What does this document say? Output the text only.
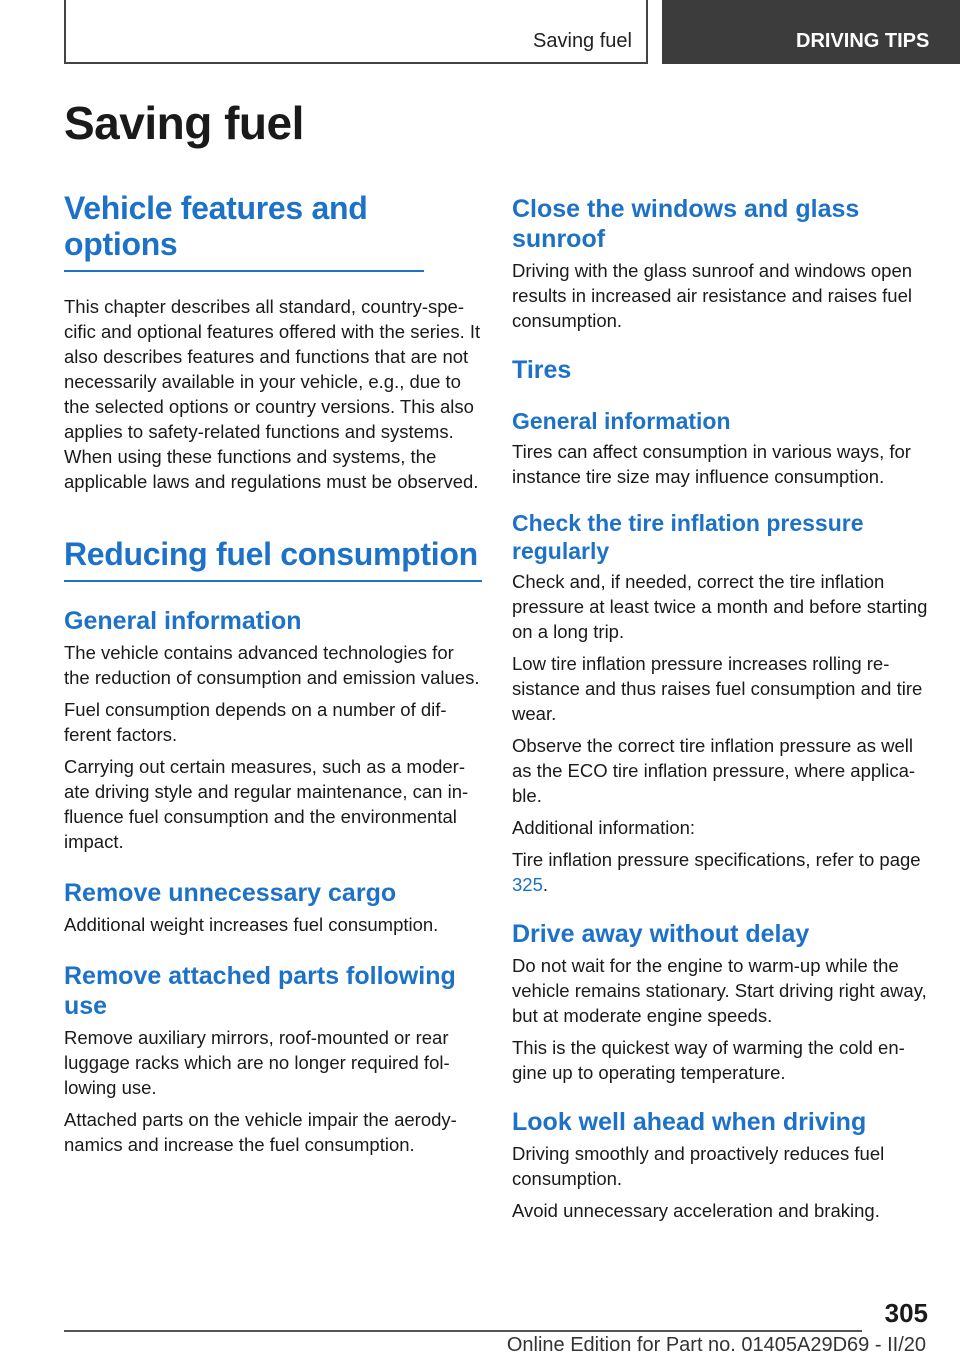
Saving fuel	DRIVING TIPS
Saving fuel
Vehicle features and options

This chapter describes all standard, country-specific and optional features offered with the series. It also describes features and functions that are not necessarily available in your vehicle, e.g., due to the selected options or country versions. This also applies to safety-related functions and systems. When using these functions and systems, the applicable laws and regulations must be observed.

Reducing fuel consumption
General information

The vehicle contains advanced technologies for the reduction of consumption and emission values.

Fuel consumption depends on a number of different factors.

Carrying out certain measures, such as a moderate driving style and regular maintenance, can influence fuel consumption and the environmental impact.

Remove unnecessary cargo

Additional weight increases fuel consumption.

Remove attached parts following use

Remove auxiliary mirrors, roof-mounted or rear luggage racks which are no longer required following use.

Attached parts on the vehicle impair the aerodynamics and increase the fuel consumption.

Close the windows and glass sunroof

Driving with the glass sunroof and windows open results in increased air resistance and raises fuel consumption.

Tires
General information

Tires can affect consumption in various ways, for instance tire size may influence consumption.

Check the tire inflation pressure regularly

Check and, if needed, correct the tire inflation pressure at least twice a month and before starting on a long trip.

Low tire inflation pressure increases rolling resistance and thus raises fuel consumption and tire wear.

Observe the correct tire inflation pressure as well as the ECO tire inflation pressure, where applicable.

Additional information:

Tire inflation pressure specifications, refer to page 325.

Drive away without delay

Do not wait for the engine to warm-up while the vehicle remains stationary. Start driving right away, but at moderate engine speeds.

This is the quickest way of warming the cold engine up to operating temperature.

Look well ahead when driving

Driving smoothly and proactively reduces fuel consumption.

Avoid unnecessary acceleration and braking.

305
Online Edition for Part no. 01405A29D69 - II/20
